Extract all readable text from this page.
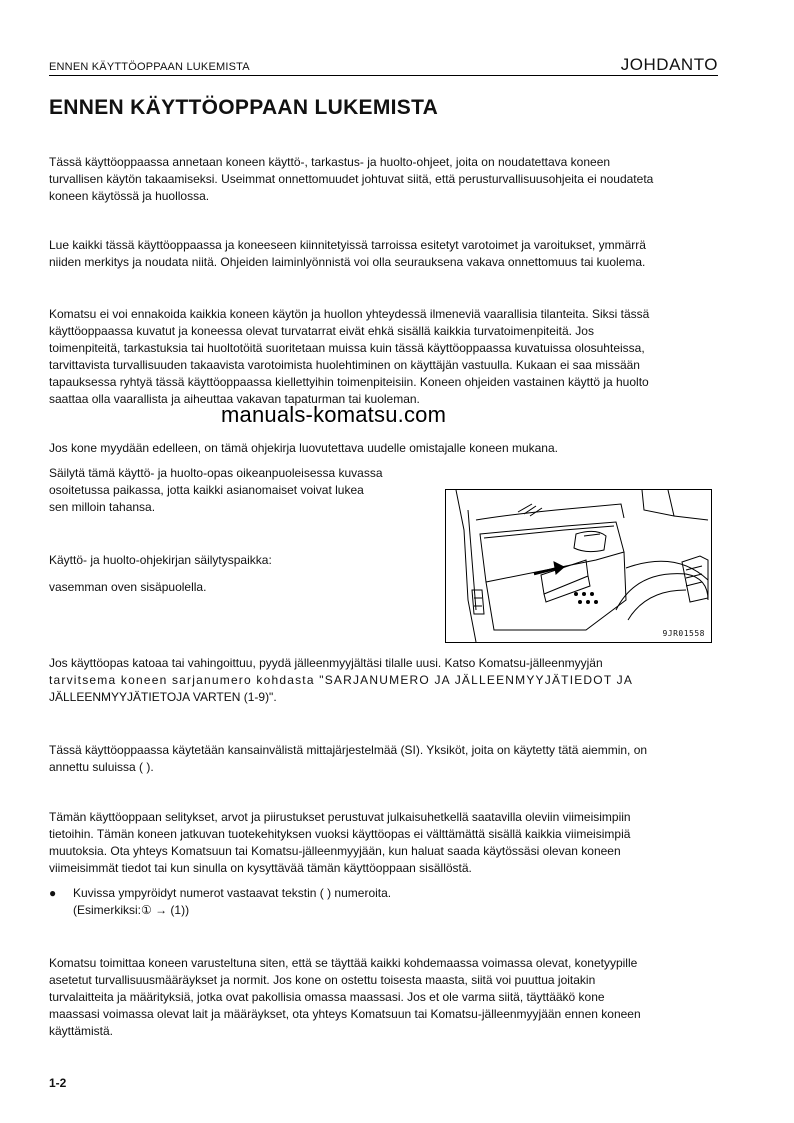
ENNEN KÄYTTÖOPPAAN LUKEMISTA	JOHDANTO
ENNEN KÄYTTÖOPPAAN LUKEMISTA
Tässä käyttöoppaassa annetaan koneen käyttö-, tarkastus- ja huolto-ohjeet, joita on noudatettava koneen
turvallisen käytön takaamiseksi. Useimmat onnettomuudet johtuvat siitä, että perusturvallisuusohjeita ei noudateta
koneen käytössä ja huollossa.
Lue kaikki tässä käyttöoppaassa ja koneeseen kiinnitetyissä tarroissa esitetyt varotoimet ja varoitukset, ymmärrä
niiden merkitys ja noudata niitä. Ohjeiden laiminlyönnistä voi olla seurauksena vakava onnettomuus tai kuolema.
Komatsu ei voi ennakoida kaikkia koneen käytön ja huollon yhteydessä ilmeneviä vaarallisia tilanteita. Siksi tässä
käyttöoppaassa kuvatut ja koneessa olevat turvatarrat eivät ehkä sisällä kaikkia turvatoimenpiteitä. Jos
toimenpiteitä, tarkastuksia tai huoltotöitä suoritetaan muissa kuin tässä käyttöoppaassa kuvatuissa olosuhteissa,
tarvittavista turvallisuuden takaavista varotoimista huolehtiminen on käyttäjän vastuulla. Kukaan ei saa missään
tapauksessa ryhtyä tässä käyttöoppaassa kiellettyihin toimenpiteisiin. Koneen ohjeiden vastainen käyttö ja huolto
saattaa olla vaarallista ja aiheuttaa vakavan tapaturman tai kuoleman.
manuals-komatsu.com
Jos kone myydään edelleen, on tämä ohjekirja luovutettava uudelle omistajalle koneen mukana.
Säilytä tämä käyttö- ja huolto-opas oikeanpuoleisessa kuvassa
osoitetussa paikassa, jotta kaikki asianomaiset voivat lukea
sen milloin tahansa.
Käyttö- ja huolto-ohjekirjan säilytyspaikka:
vasemman oven sisäpuolella.
9JR01558
Jos käyttöopas katoaa tai vahingoittuu, pyydä jälleenmyyjältäsi tilalle uusi. Katso Komatsu-jälleenmyyjän
tarvitsema koneen sarjanumero kohdasta "SARJANUMERO JA JÄLLEENMYYJÄTIEDOT JA
JÄLLEENMYYJÄTIETOJA VARTEN (1-9)".
Tässä käyttöoppaassa käytetään kansainvälistä mittajärjestelmää (SI). Yksiköt, joita on käytetty tätä aiemmin, on
annettu suluissa ( ).
Tämän käyttöoppaan selitykset, arvot ja piirustukset perustuvat julkaisuhetkellä saatavilla oleviin viimeisimpiin
tietoihin. Tämän koneen jatkuvan tuotekehityksen vuoksi käyttöopas ei välttämättä sisällä kaikkia viimeisimpiä
muutoksia. Ota yhteys Komatsuun tai Komatsu-jälleenmyyjään, kun haluat saada käytössäsi olevan koneen
viimeisimmät tiedot tai kun sinulla on kysyttävää tämän käyttöoppaan sisällöstä.
● Kuvissa ympyröidyt numerot vastaavat tekstin ( ) numeroita.
(Esimerkiksi:① → (1))
Komatsu toimittaa koneen varusteltuna siten, että se täyttää kaikki kohdemaassa voimassa olevat, konetyypille
asetetut turvallisuusmääräykset ja normit. Jos kone on ostettu toisesta maasta, siitä voi puuttua joitakin
turvalaitteita ja määrityksiä, jotka ovat pakollisia omassa maassasi. Jos et ole varma siitä, täyttääkö kone
maassasi voimassa olevat lait ja määräykset, ota yhteys Komatsuun tai Komatsu-jälleenmyyjään ennen koneen
käyttämistä.
1-2
